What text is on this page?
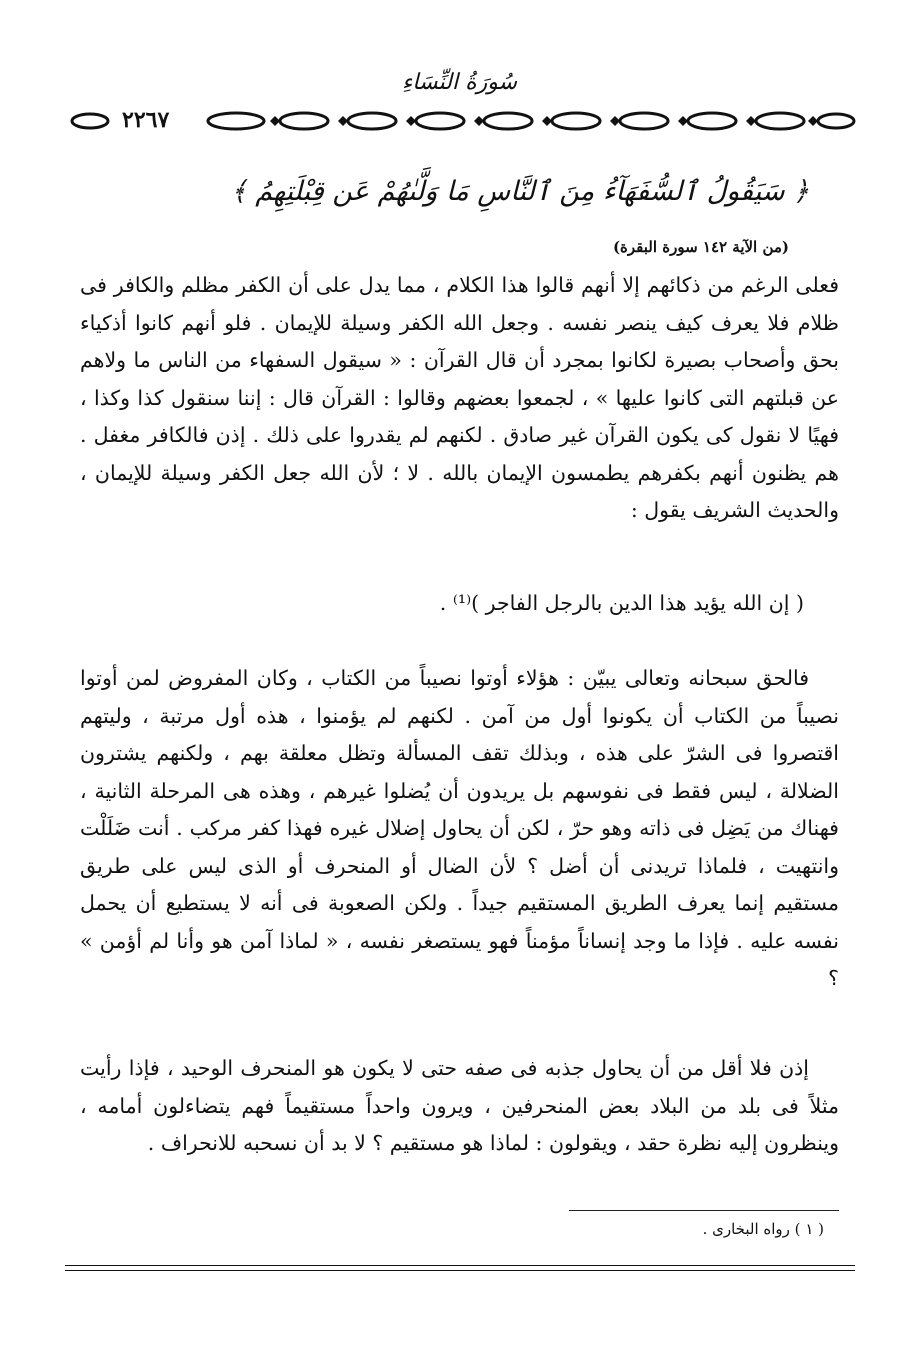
سُورَةُ النِّسَاءِ
٢٢٦٧
﴿ سَيَقُولُ ٱلسُّفَهَآءُ مِنَ ٱلنَّاسِ مَا وَلَّىٰهُمْ عَن قِبْلَتِهِمُ ﴾
(من الآية ١٤٢ سورة البقرة)

فعلى الرغم من ذكائهم إلا أنهم قالوا هذا الكلام ، مما يدل على أن الكفر مظلم والكافر فى ظلام فلا يعرف كيف ينصر نفسه . وجعل الله الكفر وسيلة للإيمان . فلو أنهم كانوا أذكياء بحق وأصحاب بصيرة لكانوا بمجرد أن قال القرآن : « سيقول السفهاء من الناس ما ولاهم عن قبلتهم التى كانوا عليها » ، لجمعوا بعضهم وقالوا : القرآن قال : إننا سنقول كذا وكذا ، فهيًا لا نقول كى يكون القرآن غير صادق . لكنهم لم يقدروا على ذلك . إذن فالكافر مغفل . هم يظنون أنهم بكفرهم يطمسون الإيمان بالله . لا ؛ لأن الله جعل الكفر وسيلة للإيمان ، والحديث الشريف يقول :

( إن الله يؤيد هذا الدين بالرجل الفاجر )⁽¹⁾ .

فالحق سبحانه وتعالى يبيّن : هؤلاء أوتوا نصيباً من الكتاب ، وكان المفروض لمن أوتوا نصيباً من الكتاب أن يكونوا أول من آمن . لكنهم لم يؤمنوا ، هذه أول مرتبة ، وليتهم اقتصروا فى الشرّ على هذه ، وبذلك تقف المسألة وتظل معلقة بهم ، ولكنهم يشترون الضلالة ، ليس فقط فى نفوسهم بل يريدون أن يُضلوا غيرهم ، وهذه هى المرحلة الثانية ، فهناك من يَضِل فى ذاته وهو حرّ ، لكن أن يحاول إضلال غيره فهذا كفر مركب . أنت ضَلَلْت وانتهيت ، فلماذا تريدنى أن أضل ؟ لأن الضال أو المنحرف أو الذى ليس على طريق مستقيم إنما يعرف الطريق المستقيم جيداً . ولكن الصعوبة فى أنه لا يستطيع أن يحمل نفسه عليه . فإذا ما وجد إنساناً مؤمناً فهو يستصغر نفسه ، « لماذا آمن هو وأنا لم أؤمن » ؟

إذن فلا أقل من أن يحاول جذبه فى صفه حتى لا يكون هو المنحرف الوحيد ، فإذا رأيت مثلاً فى بلد من البلاد بعض المنحرفين ، ويرون واحداً مستقيماً فهم يتضاءلون أمامه ، وينظرون إليه نظرة حقد ، ويقولون : لماذا هو مستقيم ؟ لا بد أن نسحبه للانحراف .

( ١ ) رواه البخارى .
